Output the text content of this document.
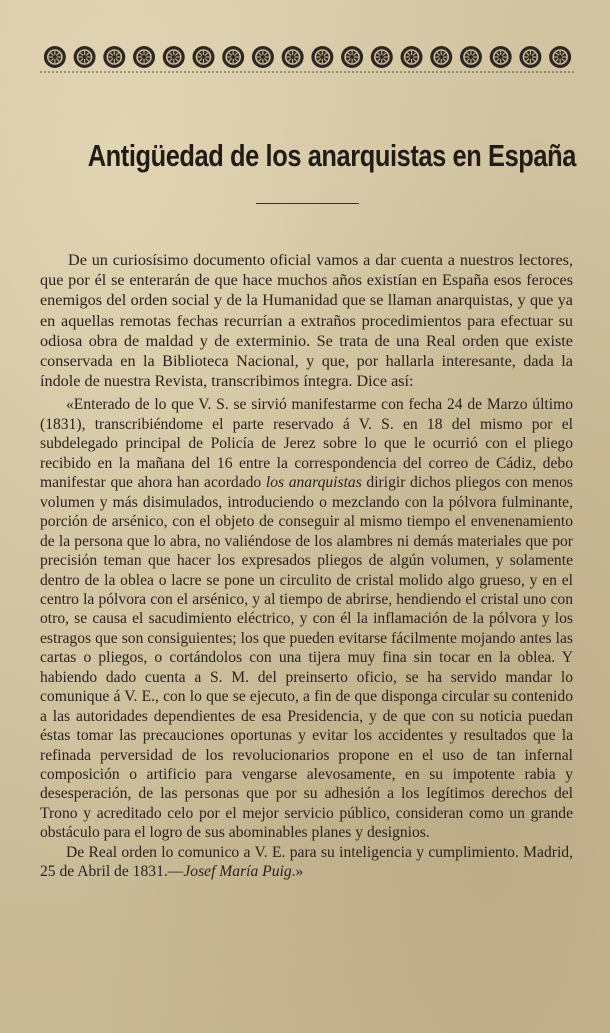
Antigüedad de los anarquistas en España

De un curiosísimo documento oficial vamos a dar cuenta a nuestros lectores, que por él se enterarán de que hace muchos años existían en España esos feroces enemigos del orden social y de la Humanidad que se llaman anarquistas, y que ya en aquellas remotas fechas recurrían a extraños procedimientos para efectuar su odiosa obra de maldad y de exterminio. Se trata de una Real orden que existe conservada en la Biblioteca Nacional, y que, por hallarla interesante, dada la índole de nuestra Revista, transcribimos íntegra. Dice así:

«Enterado de lo que V. S. se sirvió manifestarme con fecha 24 de Marzo último (1831), transcribiéndome el parte reservado á V. S. en 18 del mismo por el subdelegado principal de Policía de Jerez sobre lo que le ocurrió con el pliego recibido en la mañana del 16 entre la correspondencia del correo de Cádiz, debo manifestar que ahora han acordado los anarquistas dirigir dichos pliegos con menos volumen y más disimulados, introduciendo o mezclando con la pólvora fulminante, porción de arsénico, con el objeto de conseguir al mismo tiempo el envenenamiento de la persona que lo abra, no valiéndose de los alambres ni demás materiales que por precisión teman que hacer los expresados pliegos de algún volumen, y solamente dentro de la oblea o lacre se pone un circulito de cristal molido algo grueso, y en el centro la pólvora con el arsénico, y al tiempo de abrirse, hendiendo el cristal uno con otro, se causa el sacudimiento eléctrico, y con él la inflamación de la pólvora y los estragos que son consiguientes; los que pueden evitarse fácilmente mojando antes las cartas o pliegos, o cortándolos con una tijera muy fina sin tocar en la oblea. Y habiendo dado cuenta a S. M. del preinserto oficio, se ha servido mandar lo comunique á V. E., con lo que se ejecuto, a fin de que disponga circular su contenido a las autoridades dependientes de esa Presidencia, y de que con su noticia puedan éstas tomar las precauciones oportunas y evitar los accidentes y resultados que la refinada perversidad de los revolucionarios propone en el uso de tan infernal composición o artificio para vengarse alevosamente, en su impotente rabia y desesperación, de las personas que por su adhesión a los legítimos derechos del Trono y acreditado celo por el mejor servicio público, consideran como un grande obstáculo para el logro de sus abominables planes y designios.

De Real orden lo comunico a V. E. para su inteligencia y cumplimiento. Madrid, 25 de Abril de 1831.—Josef María Puig.»
